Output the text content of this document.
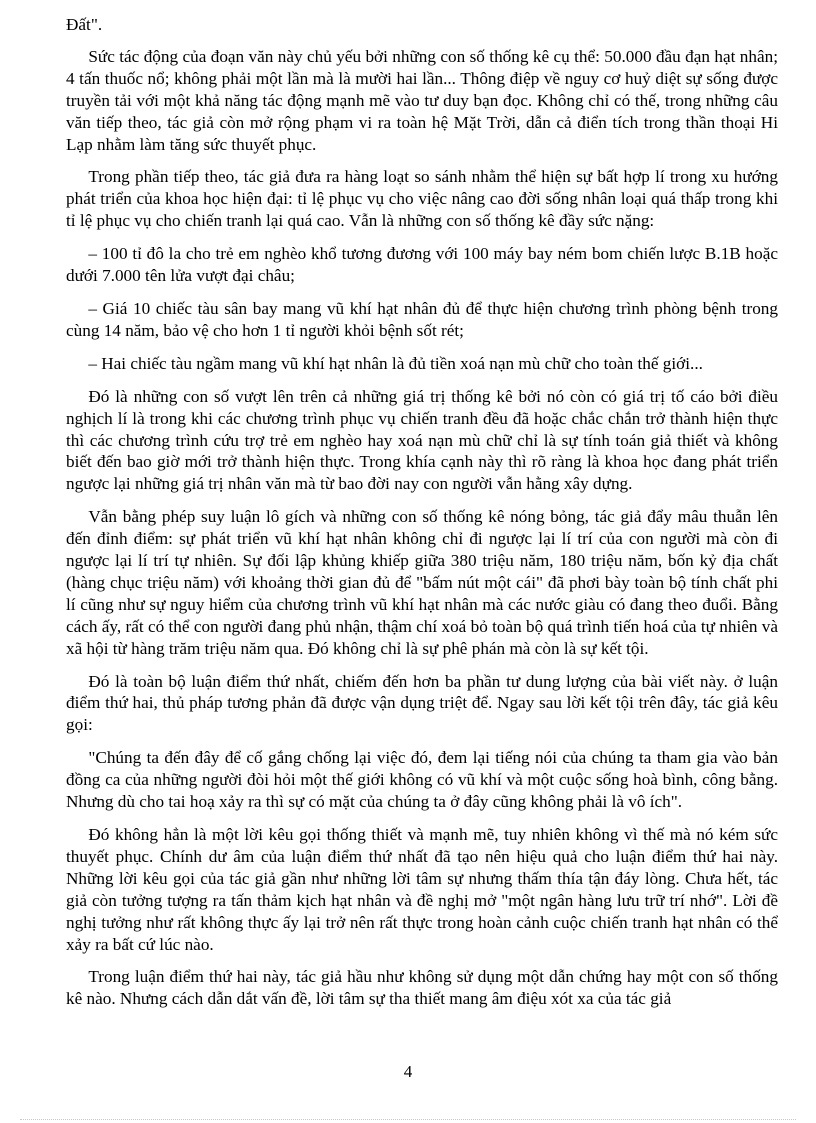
Đất".

Sức tác động của đoạn văn này chủ yếu bởi những con số thống kê cụ thể: 50.000 đầu đạn hạt nhân; 4 tấn thuốc nổ; không phải một lần mà là mười hai lần... Thông điệp về nguy cơ huỷ diệt sự sống được truyền tải với một khả năng tác động mạnh mẽ vào tư duy bạn đọc. Không chỉ có thế, trong những câu văn tiếp theo, tác giả còn mở rộng phạm vi ra toàn hệ Mặt Trời, dẫn cả điển tích trong thần thoại Hi Lạp nhằm làm tăng sức thuyết phục.

Trong phần tiếp theo, tác giả đưa ra hàng loạt so sánh nhằm thể hiện sự bất hợp lí trong xu hướng phát triển của khoa học hiện đại: tỉ lệ phục vụ cho việc nâng cao đời sống nhân loại quá thấp trong khi tỉ lệ phục vụ cho chiến tranh lại quá cao. Vẫn là những con số thống kê đầy sức nặng:

– 100 tỉ đô la cho trẻ em nghèo khổ tương đương với 100 máy bay ném bom chiến lược B.1B hoặc dưới 7.000 tên lửa vượt đại châu;

– Giá 10 chiếc tàu sân bay mang vũ khí hạt nhân đủ để thực hiện chương trình phòng bệnh trong cùng 14 năm, bảo vệ cho hơn 1 tỉ người khỏi bệnh sốt rét;

– Hai chiếc tàu ngầm mang vũ khí hạt nhân là đủ tiền xoá nạn mù chữ cho toàn thế giới...

Đó là những con số vượt lên trên cả những giá trị thống kê bởi nó còn có giá trị tố cáo bởi điều nghịch lí là trong khi các chương trình phục vụ chiến tranh đều đã hoặc chắc chắn trở thành hiện thực thì các chương trình cứu trợ trẻ em nghèo hay xoá nạn mù chữ chỉ là sự tính toán giả thiết và không biết đến bao giờ mới trở thành hiện thực. Trong khía cạnh này thì rõ ràng là khoa học đang phát triển ngược lại những giá trị nhân văn mà từ bao đời nay con người vẫn hằng xây dựng.

Vẫn bằng phép suy luận lô gích và những con số thống kê nóng bỏng, tác giả đẩy mâu thuẫn lên đến đỉnh điểm: sự phát triển vũ khí hạt nhân không chỉ đi ngược lại lí trí của con người mà còn đi ngược lại lí trí tự nhiên. Sự đối lập khủng khiếp giữa 380 triệu năm, 180 triệu năm, bốn kỷ địa chất (hàng chục triệu năm) với khoảng thời gian đủ để "bấm nút một cái" đã phơi bày toàn bộ tính chất phi lí cũng như sự nguy hiểm của chương trình vũ khí hạt nhân mà các nước giàu có đang theo đuổi. Bằng cách ấy, rất có thể con người đang phủ nhận, thậm chí xoá bỏ toàn bộ quá trình tiến hoá của tự nhiên và xã hội từ hàng trăm triệu năm qua. Đó không chỉ là sự phê phán mà còn là sự kết tội.

Đó là toàn bộ luận điểm thứ nhất, chiếm đến hơn ba phần tư dung lượng của bài viết này. ở luận điểm thứ hai, thủ pháp tương phản đã được vận dụng triệt để. Ngay sau lời kết tội trên đây, tác giả kêu gọi:

"Chúng ta đến đây để cố gắng chống lại việc đó, đem lại tiếng nói của chúng ta tham gia vào bản đồng ca của những người đòi hỏi một thế giới không có vũ khí và một cuộc sống hoà bình, công bằng. Nhưng dù cho tai hoạ xảy ra thì sự có mặt của chúng ta ở đây cũng không phải là vô ích".

Đó không hẳn là một lời kêu gọi thống thiết và mạnh mẽ, tuy nhiên không vì thế mà nó kém sức thuyết phục. Chính dư âm của luận điểm thứ nhất đã tạo nên hiệu quả cho luận điểm thứ hai này. Những lời kêu gọi của tác giả gần như những lời tâm sự nhưng thấm thía tận đáy lòng. Chưa hết, tác giả còn tưởng tượng ra tấn thảm kịch hạt nhân và đề nghị mở "một ngân hàng lưu trữ trí nhớ". Lời đề nghị tưởng như rất không thực ấy lại trở nên rất thực trong hoàn cảnh cuộc chiến tranh hạt nhân có thể xảy ra bất cứ lúc nào.

Trong luận điểm thứ hai này, tác giả hầu như không sử dụng một dẫn chứng hay một con số thống kê nào. Nhưng cách dẫn dắt vấn đề, lời tâm sự tha thiết mang âm điệu xót xa của tác giả

4
